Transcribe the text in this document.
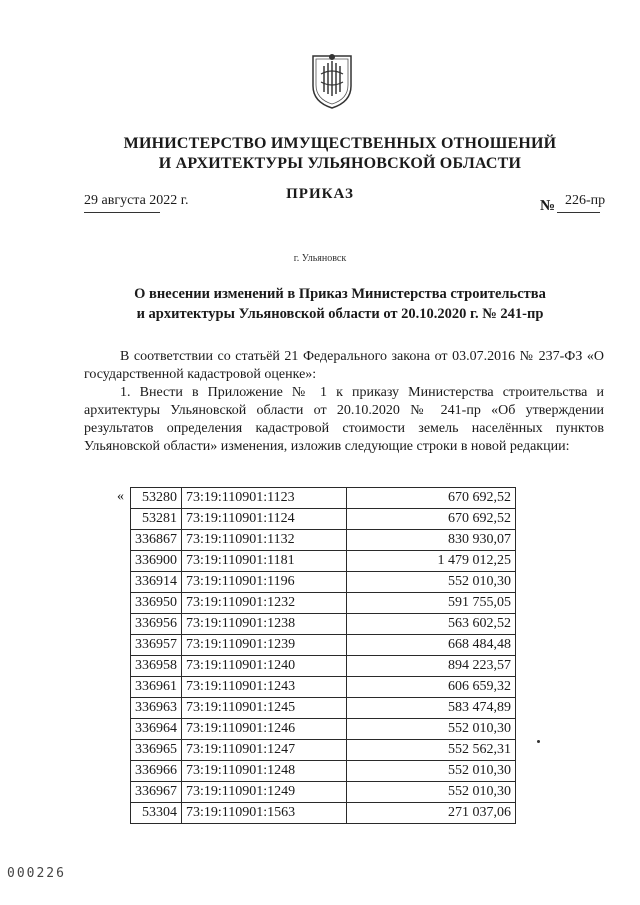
МИНИСТЕРСТВО ИМУЩЕСТВЕННЫХ ОТНОШЕНИЙ
И АРХИТЕКТУРЫ УЛЬЯНОВСКОЙ ОБЛАСТИ
ПРИКАЗ
29 августа 2022 г.	№ 226-пр
г. Ульяновск
О внесении изменений в Приказ Министерства строительства
и архитектуры Ульяновской области от 20.10.2020 г. № 241-пр
В соответствии со статьёй 21 Федерального закона от 03.07.2016 № 237-ФЗ «О государственной кадастровой оценке»:
1. Внести в Приложение № 1 к приказу Министерства строительства и архитектуры Ульяновской области от 20.10.2020 № 241-пр «Об утверждении результатов определения кадастровой стоимости земель населённых пунктов Ульяновской области» изменения, изложив следующие строки в новой редакции:
« 53280	73:19:110901:1123	670 692,52
53281	73:19:110901:1124	670 692,52
336867	73:19:110901:1132	830 930,07
336900	73:19:110901:1181	1 479 012,25
336914	73:19:110901:1196	552 010,30
336950	73:19:110901:1232	591 755,05
336956	73:19:110901:1238	563 602,52
336957	73:19:110901:1239	668 484,48
336958	73:19:110901:1240	894 223,57
336961	73:19:110901:1243	606 659,32
336963	73:19:110901:1245	583 474,89
336964	73:19:110901:1246	552 010,30
336965	73:19:110901:1247	552 562,31
336966	73:19:110901:1248	552 010,30
336967	73:19:110901:1249	552 010,30
53304	73:19:110901:1563	271 037,06
000226
